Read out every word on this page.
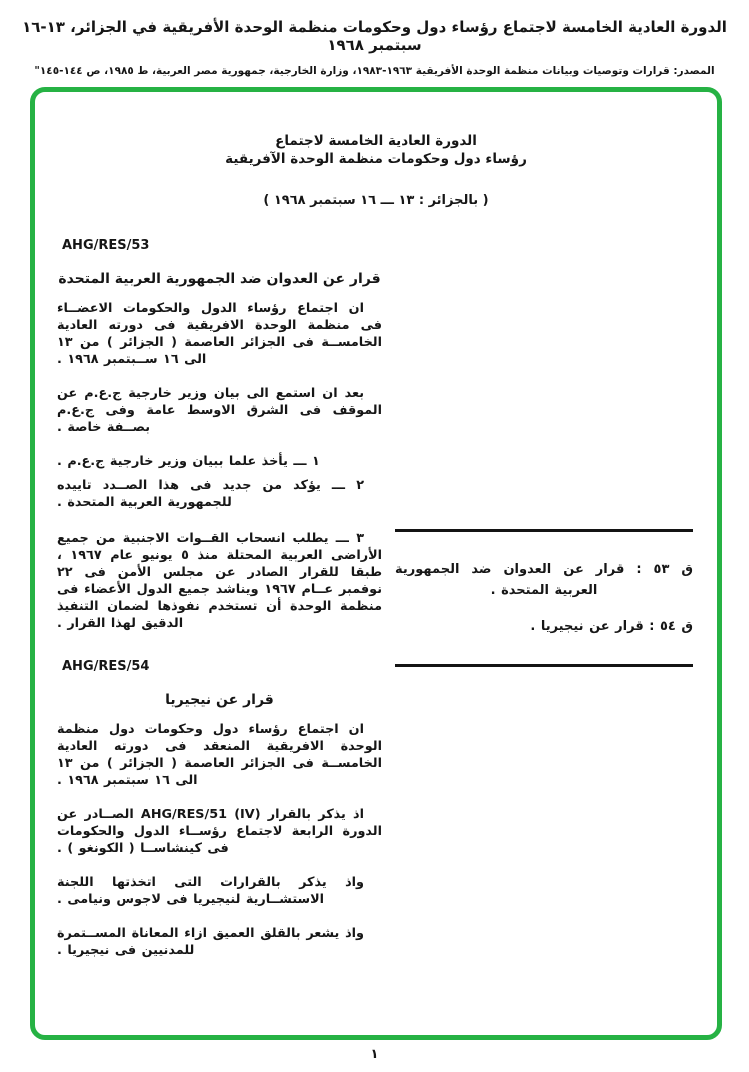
الدورة العادية الخامسة لاجتماع رؤساء دول وحكومات منظمة الوحدة الأفريقية في الجزائر، ١٣-١٦ سبتمبر ١٩٦٨
المصدر: قرارات وتوصيات وبيانات منظمة الوحدة الأفريقية ١٩٦٣-١٩٨٣، وزارة الخارجية، جمهورية مصر العربية، ط ١٩٨٥، ص ١٤٤-١٤٥"
الدورة العادية الخامسة لاجتماع
رؤساء دول وحكومات منظمة الوحدة الآفريقية
( بالجزائر : ١٣ ـــ ١٦ سبتمبر ١٩٦٨ )
AHG/RES/53
قرار عن العدوان ضد الجمهورية العربية المتحدة

ان اجتماع رؤساء الدول والحكومات الاعضــاء فى منظمة الوحدة الافريقية فى دورته العادية الخامســة فى الجزائر العاصمة ( الجزائر ) من ١٣ الى ١٦ ســبتمبر ١٩٦٨ .

بعد ان استمع الى بيان وزير خارجية ج.ع.م عن الموقف فى الشرق الاوسط عامة وفى ج.ع.م بصــفة خاصة .

١ ـــ يأخذ علما ببيان وزير خارجية ج.ع.م .

٢ ـــ يؤكد من جديد فى هذا الصــدد تاييده للجمهورية العربية المتحدة .

٣ ـــ يطلب انسحاب القــوات الاجنبية من جميع الأراضى العربية المحتلة منذ ٥ يونيو عام ١٩٦٧ ، طبقا للقرار الصادر عن مجلس الأمن فى ٢٢ نوفمبر عــام ١٩٦٧ ويناشد جميع الدول الأعضاء فى منظمة الوحدة أن تستخدم نفوذها لضمان التنفيذ الدقيق لهذا القرار .

AHG/RES/54
قرار عن نيجيريا

ان اجتماع رؤساء دول وحكومات دول منظمة الوحدة الافريقية المنعقد فى دورته العادية الخامســة فى الجزائر العاصمة ( الجزائر ) من ١٣ الى ١٦ سبتمبر ١٩٦٨ .

اذ يذكر بالقرار ‎AHG/RES/51 (IV)‎ الصــادر عن الدورة الرابعة لاجتماع رؤســاء الدول والحكومات فى كينشاســا ( الكونغو ) .

واذ يذكر بالقرارات التى اتخذتها اللجنة الاستشــارية لنيجيريا فى لاجوس ونيامى .

واذ يشعر بالقلق العميق ازاء المعاناة المســتمرة للمدنيين فى نيجيريا .

ق ٥٣ : قرار عن العدوان ضد الجمهورية العربية المتحدة .

ق ٥٤ : قرار عن نيجيريا .

١
